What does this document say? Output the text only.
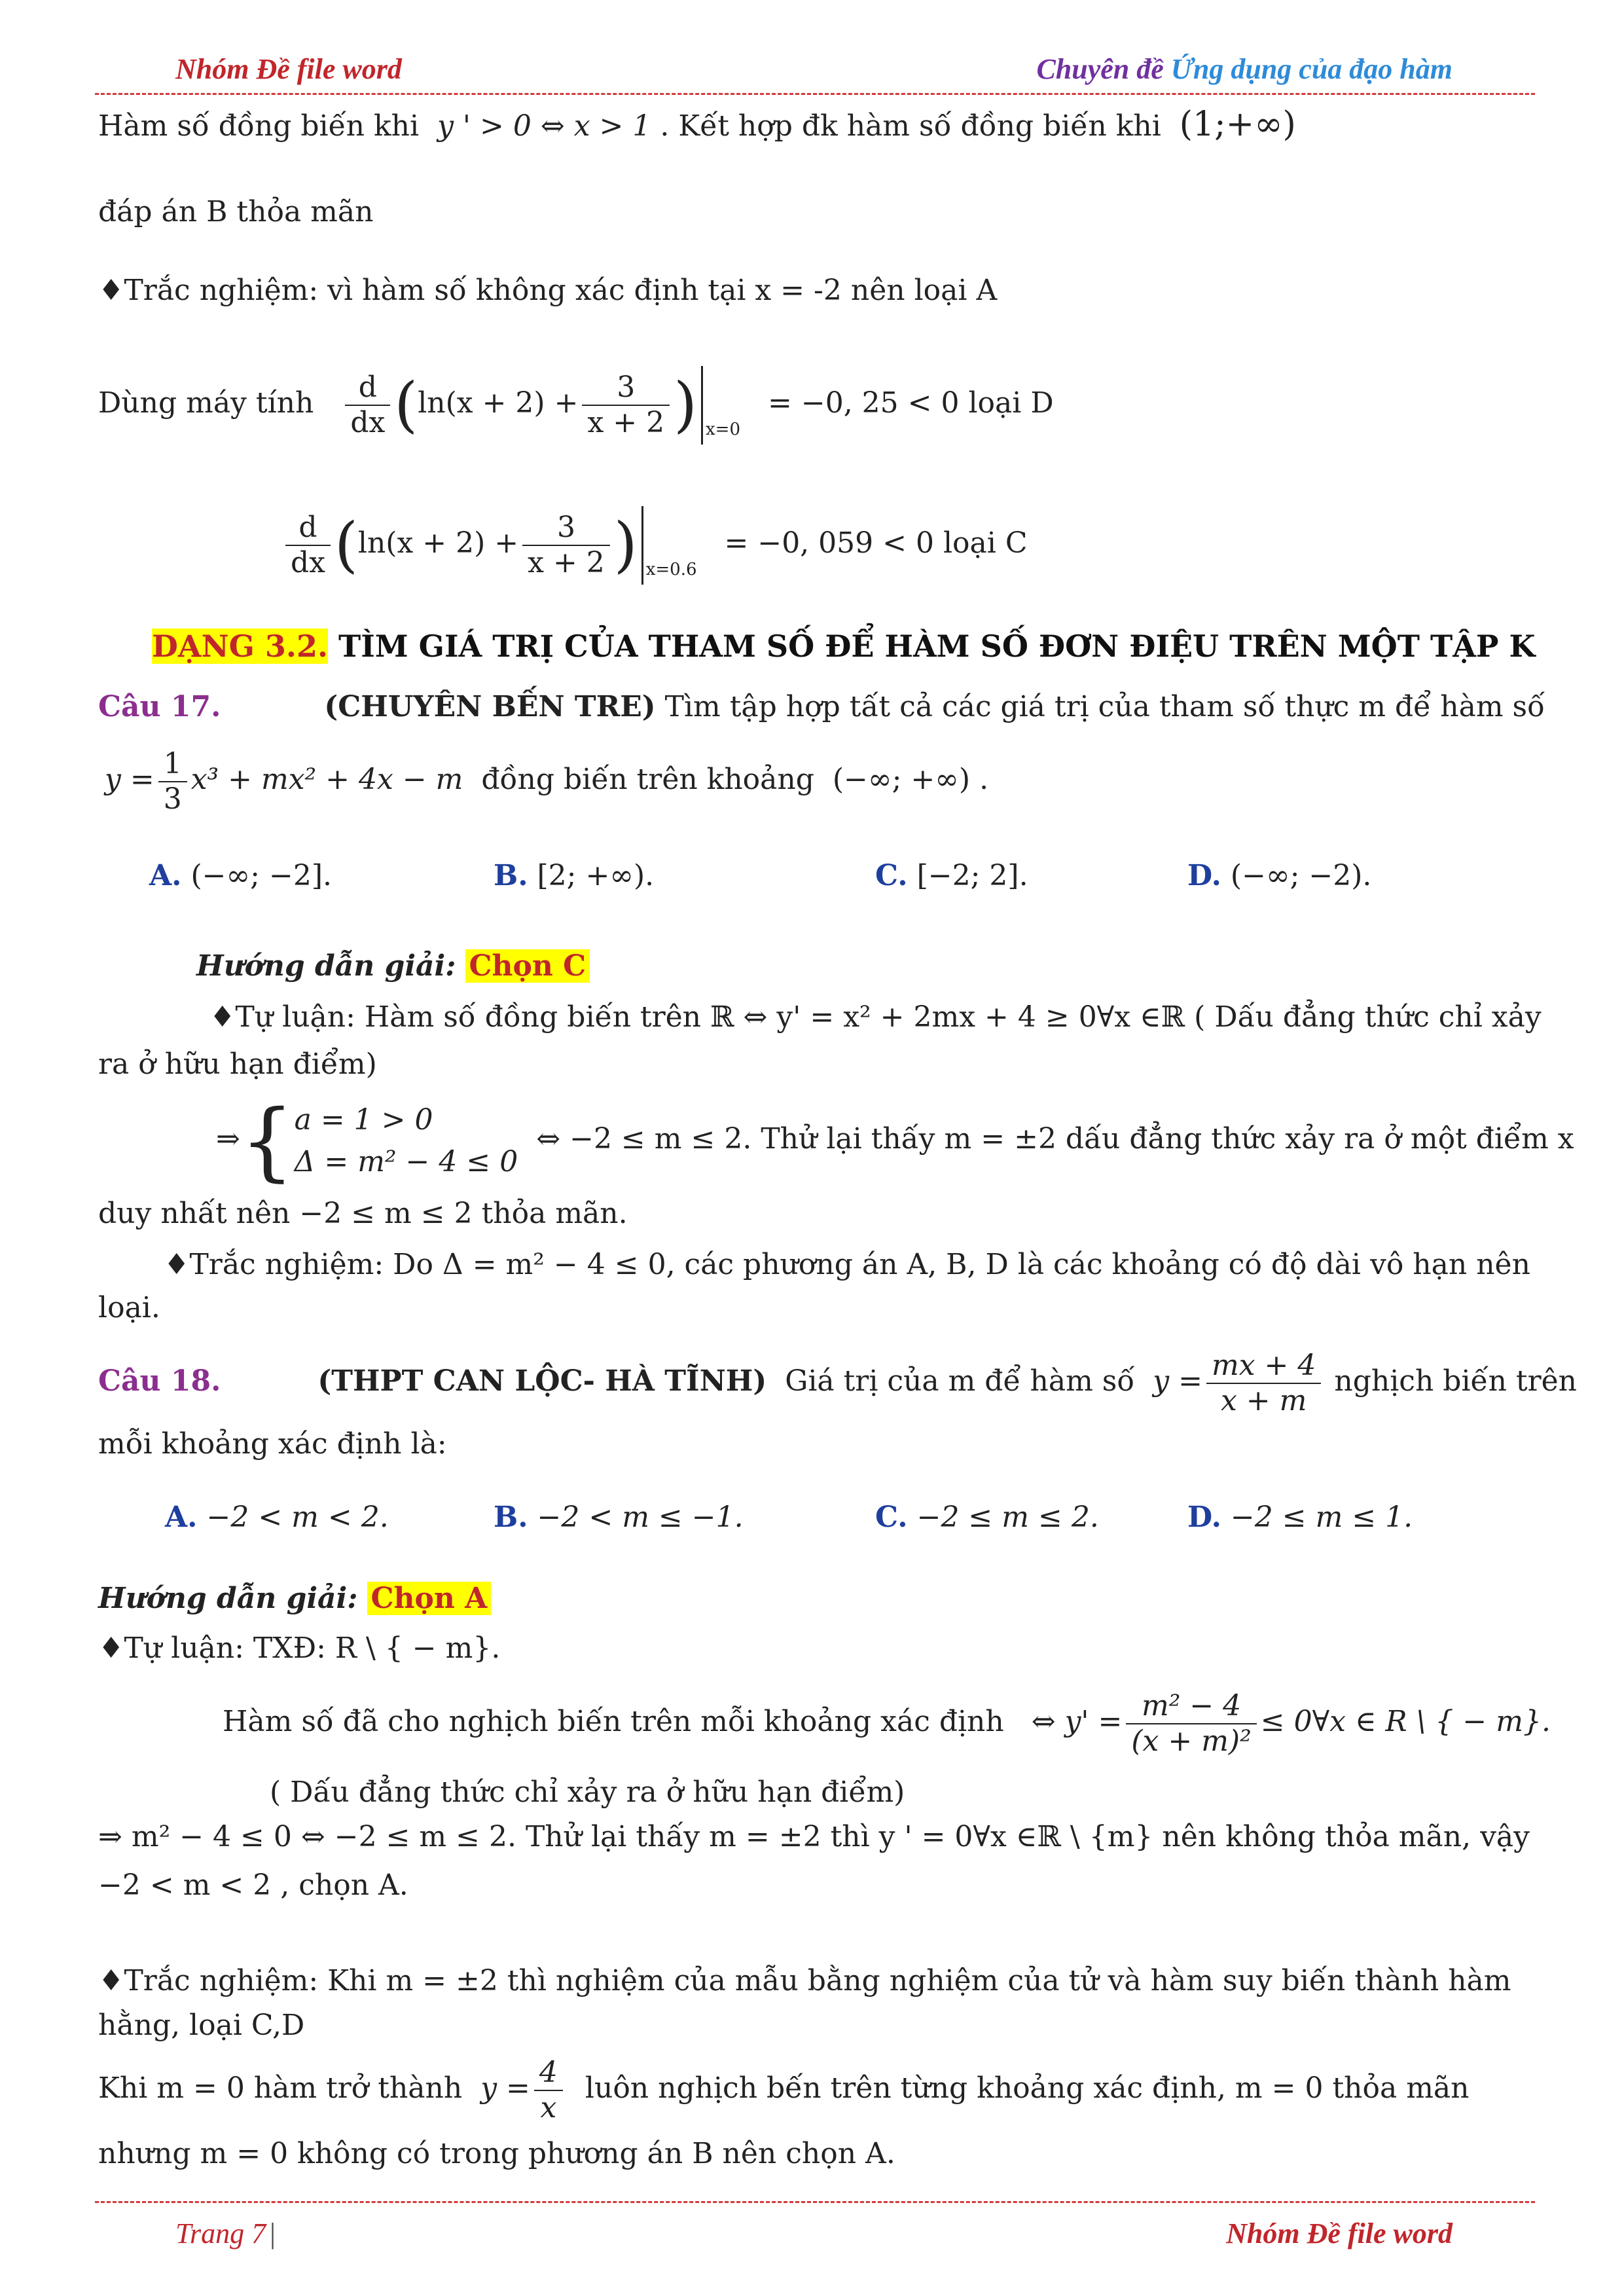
Nhóm Đề file word	Chuyên đề Ứng dụng của đạo hàm
Hàm số đồng biến khi y ' > 0 ⇔ x > 1 . Kết hợp đk hàm số đồng biến khi (1;+∞)
đáp án B thỏa mãn
♦Trắc nghiệm: vì hàm số không xác định tại x = -2 nên loại A
Dùng máy tính $\frac{d}{dx} (\ln(x + 2) + \frac{3}{x + 2}$ ) $_{x=0}$   = −0, 25 < 0 loại D
$\frac{d}{dx} (\ln(x + 2) + \frac{3}{x + 2}$ ) $_{x=0.6}$   = −0, 059 < 0 loại C
DẠNG 3.2. TÌM GIÁ TRỊ CỦA THAM SỐ ĐỂ HÀM SỐ ĐƠN ĐIỆU TRÊN MỘT TẬP K
Câu 17.	(CHUYÊN BẾN TRE) Tìm tập hợp tất cả các giá trị của tham số thực m để hàm số
$y = \frac{1}{3} x^3 + mx^2 + 4x - m$ đồng biến trên khoảng (−∞; +∞) .
A. (−∞; −2].	B. [2; +∞).	C. [−2; 2].	D. (−∞; −2).
Hướng dẫn giải: Chọn C
♦Tự luận: Hàm số đồng biến trên ℝ ⇔ y' = x² + 2mx + 4 ≥ 0∀x ∈ℝ ( Dấu đẳng thức chỉ xảy
ra ở hữu hạn điểm)
⇒{ a = 1 > 0
Δ = m² − 4 ≤ 0
⇔ −2 ≤ m ≤ 2. Thử lại thấy m = ±2 dấu đẳng thức xảy ra ở một điểm x
duy nhất nên −2 ≤ m ≤ 2 thỏa mãn.
♦Trắc nghiệm: Do Δ = m² − 4 ≤ 0, các phương án A, B, D là các khoảng có độ dài vô hạn nên
loại.
Câu 18.	(THPT CAN LỘC- HÀ TĨNH) Giá trị của m để hàm số $y = \frac{mx + 4}{x + m}$ nghịch biến trên
mỗi khoảng xác định là:
A. −2 < m < 2.	B. −2 < m ≤ −1.	C. −2 ≤ m ≤ 2.	D. −2 ≤ m ≤ 1.
Hướng dẫn giải: Chọn A
♦Tự luận: TXĐ: R \ { − m}.
Hàm số đã cho nghịch biến trên mỗi khoảng xác định ⇔ $y' = \frac{\text{m² − 4}}{\text{(x + m)²}}$ ≤ 0∀x ∈ R \ { − m}.
( Dấu đẳng thức chỉ xảy ra ở hữu hạn điểm)
⇒ m² − 4 ≤ 0 ⇔ −2 ≤ m ≤ 2. Thử lại thấy m = ±2 thì y ' = 0∀x ∈ℝ \ {m} nên không thỏa mãn, vậy
−2 < m < 2 , chọn A.
♦Trắc nghiệm: Khi m = ±2 thì nghiệm của mẫu bằng nghiệm của tử và hàm suy biến thành hàm
hằng, loại C,D
Khi m = 0 hàm trở thành $y = \frac{4}{x}$ luôn nghịch bến trên từng khoảng xác định, m = 0 thỏa mãn
nhưng m = 0 không có trong phương án B nên chọn A.
Trang 7 |	Nhóm Đề file word
